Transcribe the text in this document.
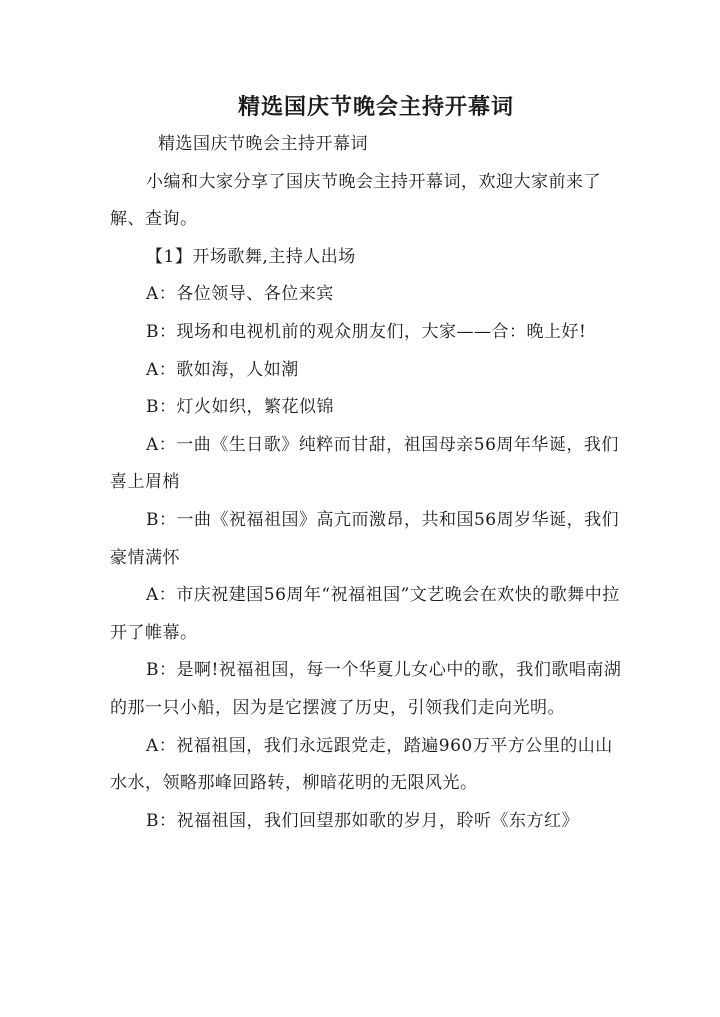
精选国庆节晚会主持开幕词

精选国庆节晚会主持开幕词

小编和大家分享了国庆节晚会主持开幕词，欢迎大家前来了解、查询。

【1】开场歌舞,主持人出场

A：各位领导、各位来宾

B：现场和电视机前的观众朋友们，大家——合：晚上好!

A：歌如海，人如潮

B：灯火如织，繁花似锦

A：一曲《生日歌》纯粹而甘甜，祖国母亲56周年华诞，我们喜上眉梢

B：一曲《祝福祖国》高亢而激昂，共和国56周岁华诞，我们豪情满怀

A：市庆祝建国56周年“祝福祖国”文艺晚会在欢快的歌舞中拉开了帷幕。

B：是啊!祝福祖国，每一个华夏儿女心中的歌，我们歌唱南湖的那一只小船，因为是它摆渡了历史，引领我们走向光明。

A：祝福祖国，我们永远跟党走，踏遍960万平方公里的山山水水，领略那峰回路转，柳暗花明的无限风光。

B：祝福祖国，我们回望那如歌的岁月，聆听《东方红》
